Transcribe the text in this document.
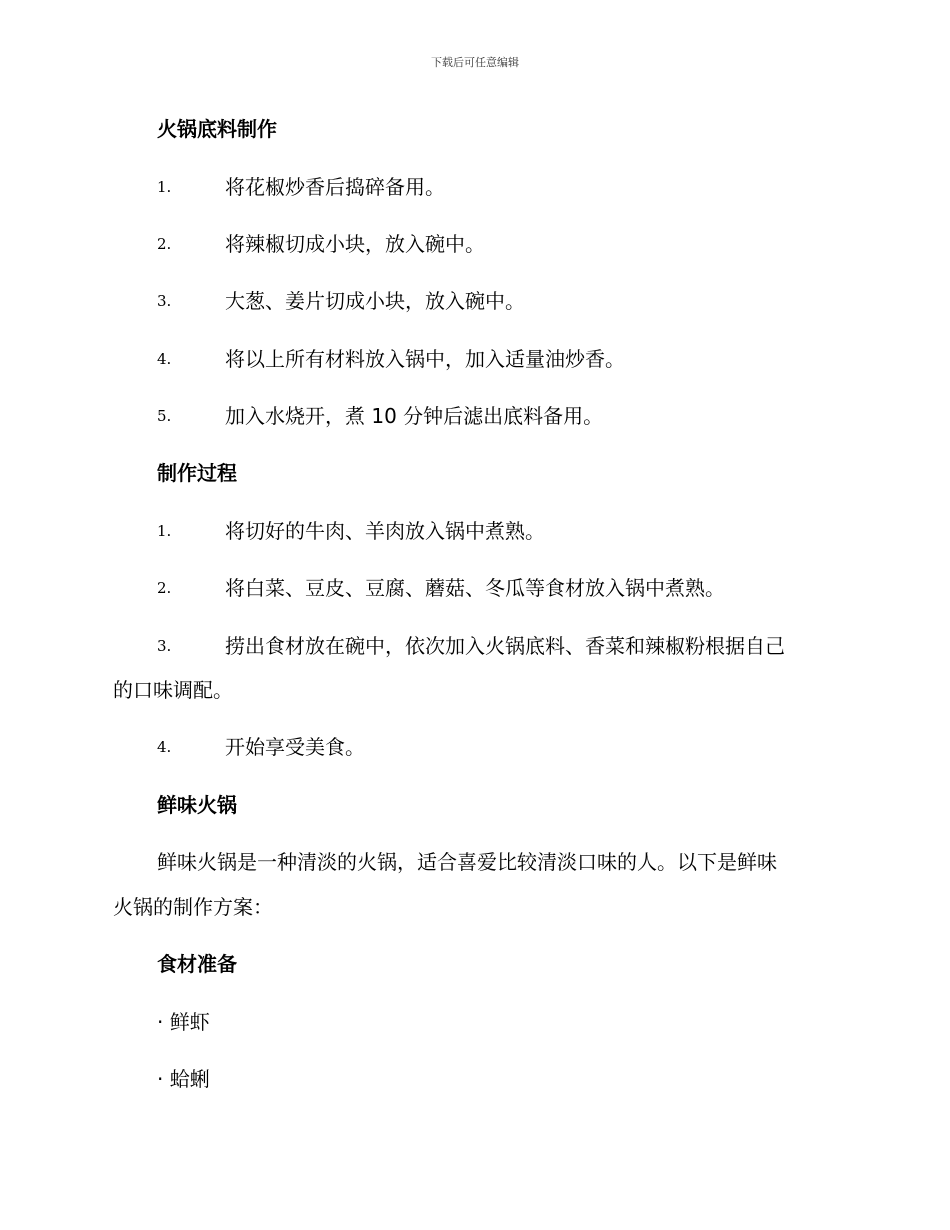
下载后可任意编辑
火锅底料制作
1.	将花椒炒香后捣碎备用。
2.	将辣椒切成小块，放入碗中。
3.	大葱、姜片切成小块，放入碗中。
4.	将以上所有材料放入锅中，加入适量油炒香。
5.	加入水烧开，煮 10 分钟后滤出底料备用。
制作过程
1.	将切好的牛肉、羊肉放入锅中煮熟。
2.	将白菜、豆皮、豆腐、蘑菇、冬瓜等食材放入锅中煮熟。
3.	捞出食材放在碗中，依次加入火锅底料、香菜和辣椒粉根据自己
的口味调配。
4.	开始享受美食。
鲜味火锅
鲜味火锅是一种清淡的火锅，适合喜爱比较清淡口味的人。以下是鲜味
火锅的制作方案：
食材准备
· 鲜虾
· 蛤蜊
